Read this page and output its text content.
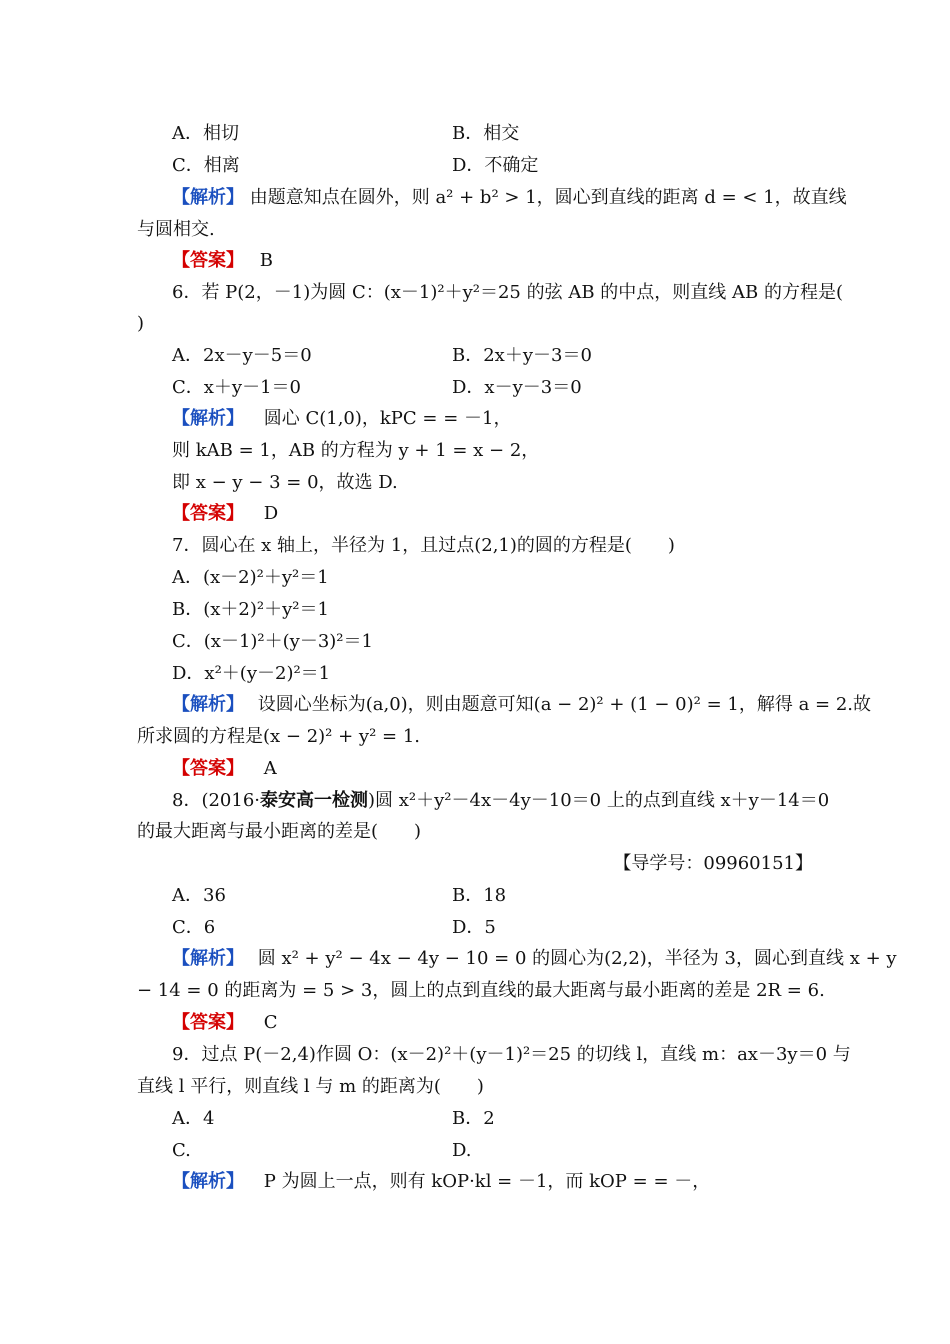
A．相切	B．相交
C．相离	D．不确定
【解析】 由题意知点在圆外，则 a² + b² > 1，圆心到直线的距离 d = < 1，故直线
与圆相交.
【答案】 B
6．若 P(2，－1)为圆 C：(x－1)²＋y²＝25 的弦 AB 的中点，则直线 AB 的方程是(
)
A．2x－y－5＝0	B．2x＋y－3＝0
C．x＋y－1＝0	D．x－y－3＝0
【解析】 圆心 C(1,0)，kPC = = －1，
则 kAB = 1，AB 的方程为 y + 1 = x − 2，
即 x − y − 3 = 0，故选 D.
【答案】 D
7．圆心在 x 轴上，半径为 1，且过点(2,1)的圆的方程是(　　)
A．(x－2)²＋y²＝1
B．(x＋2)²＋y²＝1
C．(x－1)²＋(y－3)²＝1
D．x²＋(y－2)²＝1
【解析】 设圆心坐标为(a,0)，则由题意可知(a − 2)² + (1 − 0)² = 1，解得 a = 2.故
所求圆的方程是(x − 2)² + y² = 1.
【答案】 A
8．(2016·泰安高一检测)圆 x²＋y²－4x－4y－10＝0 上的点到直线 x＋y－14＝0
的最大距离与最小距离的差是(　　)
【导学号：09960151】
A．36	B．18
C．6	D．5
【解析】 圆 x² + y² − 4x − 4y − 10 = 0 的圆心为(2,2)，半径为 3，圆心到直线 x + y
− 14 = 0 的距离为 = 5 > 3，圆上的点到直线的最大距离与最小距离的差是 2R = 6.
【答案】 C
9．过点 P(－2,4)作圆 O：(x－2)²＋(y－1)²＝25 的切线 l，直线 m：ax－3y＝0 与
直线 l 平行，则直线 l 与 m 的距离为(　　)
A．4	B．2
C.	D.
【解析】 P 为圆上一点，则有 kOP·kl = －1，而 kOP = = －，
